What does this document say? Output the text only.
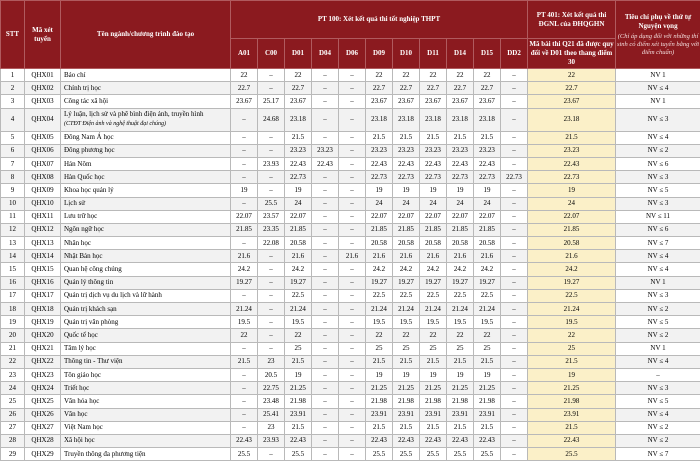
STT	Mã xét tuyển	Tên ngành/chương trình đào tạo	PT 100: Xét kết quả thi tốt nghiệp THPT											PT 401: Xét kết quả thi ĐGNL của ĐHQGHN	Tiêu chí phụ về thứ tự Nguyện vọng
(Chỉ áp dụng đối với những thí sinh có điểm xét tuyển bằng với điểm chuẩn)

			A01	C00	D01	D04	D06	D09	D10	D11	D14	D15	DD2	Mã bài thi Q21 đã được quy đổi về D01 theo thang điểm 30	
1	QHX01	Báo chí	22	–	22	–	–	22	22	22	22	22	–	22	NV 1
2	QHX02	Chính trị học	22.7	–	22.7	–	–	22.7	22.7	22.7	22.7	22.7	–	22.7	NV ≤ 4
3	QHX03	Công tác xã hội	23.67	25.17	23.67	–	–	23.67	23.67	23.67	23.67	23.67	–	23.67	NV 1
4	QHX04	Lý luận, lịch sử và phê bình điện ảnh, truyền hình
(CTĐT Điện ảnh và nghệ thuật đại chúng)	–	24.68	23.18	–	–	23.18	23.18	23.18	23.18	23.18	–	23.18	NV ≤ 3
5	QHX05	Đông Nam Á học	–	–	21.5	–	–	21.5	21.5	21.5	21.5	21.5	–	21.5	NV ≤ 4
6	QHX06	Đông phương học	–	–	23.23	23.23	–	23.23	23.23	23.23	23.23	23.23	–	23.23	NV ≤ 2
7	QHX07	Hán Nôm	–	23.93	22.43	22.43	–	22.43	22.43	22.43	22.43	22.43	–	22.43	NV ≤ 6
8	QHX08	Hàn Quốc học	–	–	22.73	–	–	22.73	22.73	22.73	22.73	22.73	22.73	22.73	NV ≤ 3
9	QHX09	Khoa học quản lý	19	–	19	–	–	19	19	19	19	19	–	19	NV ≤ 5
10	QHX10	Lịch sử	–	25.5	24	–	–	24	24	24	24	24	–	24	NV ≤ 3
11	QHX11	Lưu trữ học	22.07	23.57	22.07	–	–	22.07	22.07	22.07	22.07	22.07	–	22.07	NV ≤ 11
12	QHX12	Ngôn ngữ học	21.85	23.35	21.85	–	–	21.85	21.85	21.85	21.85	21.85	–	21.85	NV ≤ 6
13	QHX13	Nhân học	–	22.08	20.58	–	–	20.58	20.58	20.58	20.58	20.58	–	20.58	NV ≤ 7
14	QHX14	Nhật Bản học	21.6	–	21.6	–	21.6	21.6	21.6	21.6	21.6	21.6	–	21.6	NV ≤ 4
15	QHX15	Quan hệ công chúng	24.2	–	24.2	–	–	24.2	24.2	24.2	24.2	24.2	–	24.2	NV ≤ 4
16	QHX16	Quản lý thông tin	19.27	–	19.27	–	–	19.27	19.27	19.27	19.27	19.27	–	19.27	NV 1
17	QHX17	Quản trị dịch vụ du lịch và lữ hành	–	–	22.5	–	–	22.5	22.5	22.5	22.5	22.5	–	22.5	NV ≤ 3
18	QHX18	Quản trị khách sạn	21.24	–	21.24	–	–	21.24	21.24	21.24	21.24	21.24	–	21.24	NV ≤ 2
19	QHX19	Quản trị văn phòng	19.5	–	19.5	–	–	19.5	19.5	19.5	19.5	19.5	–	19.5	NV ≤ 5
20	QHX20	Quốc tế học	22	–	22	–	–	22	22	22	22	22	–	22	NV ≤ 2
21	QHX21	Tâm lý học	–	–	25	–	–	25	25	25	25	25	–	25	NV 1
22	QHX22	Thông tin - Thư viện	21.5	23	21.5	–	–	21.5	21.5	21.5	21.5	21.5	–	21.5	NV ≤ 4
23	QHX23	Tôn giáo học	–	20.5	19	–	–	19	19	19	19	19	–	19	–
24	QHX24	Triết học	–	22.75	21.25	–	–	21.25	21.25	21.25	21.25	21.25	–	21.25	NV ≤ 3
25	QHX25	Văn hóa học	–	23.48	21.98	–	–	21.98	21.98	21.98	21.98	21.98	–	21.98	NV ≤ 5
26	QHX26	Văn học	–	25.41	23.91	–	–	23.91	23.91	23.91	23.91	23.91	–	23.91	NV ≤ 4
27	QHX27	Việt Nam học	–	23	21.5	–	–	21.5	21.5	21.5	21.5	21.5	–	21.5	NV ≤ 2
28	QHX28	Xã hội học	22.43	23.93	22.43	–	–	22.43	22.43	22.43	22.43	22.43	–	22.43	NV ≤ 2
29	QHX29	Truyền thông đa phương tiện	25.5	–	25.5	–	–	25.5	25.5	25.5	25.5	25.5	–	25.5	NV ≤ 7
